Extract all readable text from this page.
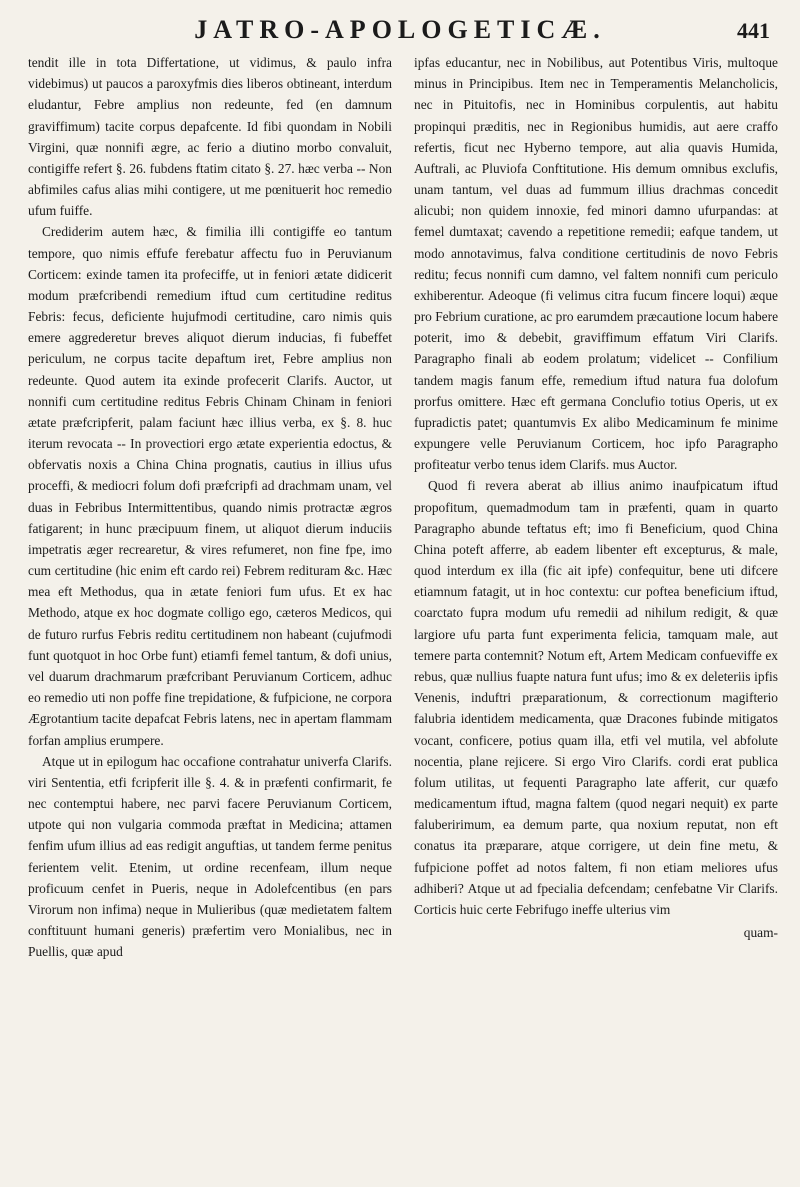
JATRO-APOLOGETICÆ.	441

tendit ille in tota Differtatione, ut vidimus, & paulo infra videbimus) ut paucos a paroxyfmis dies liberos obtineant, interdum eludantur, Febre amplius non redeunte, fed (en damnum graviffimum) tacite corpus depafcente. Id fibi quondam in Nobili Virgini, quæ nonnifi ægre, ac ferio a diutino morbo convaluit, contigiffe refert §. 26. fubdens ftatim citato §. 27. hæc verba -- Non abfimiles cafus alias mihi contigere, ut me pœnituerit hoc remedio ufum fuiffe.

Crediderim autem hæc, & fimilia illi contigiffe eo tantum tempore, quo nimis effufe ferebatur affectu fuo in Peruvianum Corticem: exinde tamen ita profeciffe, ut in feniori ætate didicerit modum præfcribendi remedium iftud cum certitudine reditus Febris: fecus, deficiente hujufmodi certitudine, caro nimis quis emere aggrederetur breves aliquot dierum inducias, fi fubeffet periculum, ne corpus tacite depaftum iret, Febre amplius non redeunte. Quod autem ita exinde profecerit Clarifs. Auctor, ut nonnifi cum certitudine reditus Febris Chinam Chinam in feniori ætate præfcripferit, palam faciunt hæc illius verba, ex §. 8. huc iterum revocata -- In provectiori ergo ætate experientia edoctus, & obfervatis noxis a China China prognatis, cautius in illius ufus proceffi, & mediocri folum dofi præfcripfi ad drachmam unam, vel duas in Febribus Intermittentibus, quando nimis protractæ ægros fatigarent; in hunc præcipuum finem, ut aliquot dierum induciis impetratis æger recrearetur, & vires refumeret, non fine fpe, imo cum certitudine (hic enim eft cardo rei) Febrem redituram &c. Hæc mea eft Methodus, qua in ætate feniori fum ufus. Et ex hac Methodo, atque ex hoc dogmate colligo ego, cæteros Medicos, qui de futuro rurfus Febris reditu certitudinem non habeant (cujufmodi funt quotquot in hoc Orbe funt) etiamfi femel tantum, & dofi unius, vel duarum drachmarum præfcribant Peruvianum Corticem, adhuc eo remedio uti non poffe fine trepidatione, & fufpicione, ne corpora Ægrotantium tacite depafcat Febris latens, nec in apertam flammam forfan amplius erumpere.

Atque ut in epilogum hac occafione contrahatur univerfa Clarifs. viri Sententia, etfi fcripferit ille §. 4. & in præfenti confirmarit, fe nec contemptui habere, nec parvi facere Peruvianum Corticem, utpote qui non vulgaria commoda præftat in Medicina; attamen fenfim ufum illius ad eas redigit anguftias, ut tandem ferme penitus ferientem velit. Etenim, ut ordine recenfeam, illum neque proficuum cenfet in Pueris, neque in Adolefcentibus (en pars Virorum non infima) neque in Mulieribus (quæ medietatem faltem conftituunt humani generis) præfertim vero Monialibus, nec in Puellis, quæ apud

ipfas educantur, nec in Nobilibus, aut Potentibus Viris, multoque minus in Principibus. Item nec in Temperamentis Melancholicis, nec in Pituitofis, nec in Hominibus corpulentis, aut habitu propinqui præditis, nec in Regionibus humidis, aut aere craffo refertis, ficut nec Hyberno tempore, aut alia quavis Humida, Auftrali, ac Pluviofa Conftitutione. His demum omnibus exclufis, unam tantum, vel duas ad fummum illius drachmas concedit alicubi; non quidem innoxie, fed minori damno ufurpandas: at femel dumtaxat; cavendo a repetitione remedii; eafque tandem, ut modo annotavimus, falva conditione certitudinis de novo Febris reditu; fecus nonnifi cum damno, vel faltem nonnifi cum periculo exhiberentur. Adeoque (fi velimus citra fucum fincere loqui) æque pro Febrium curatione, ac pro earumdem præcautione locum habere poterit, imo & debebit, graviffimum effatum Viri Clarifs. Paragrapho finali ab eodem prolatum; videlicet -- Confilium tandem magis fanum effe, remedium iftud natura fua dolofum prorfus omittere. Hæc eft germana Conclufio totius Operis, ut ex fupradictis patet; quantumvis Ex alibo Medicaminum fe minime expungere velle Peruvianum Corticem, hoc ipfo Paragrapho profiteatur verbo tenus idem Clarifs. mus Auctor.

Quod fi revera aberat ab illius animo inaufpicatum iftud propofitum, quemadmodum tam in præfenti, quam in quarto Paragrapho abunde teftatus eft; imo fi Beneficium, quod China China poteft afferre, ab eadem libenter eft excepturus, & male, quod interdum ex illa (fic ait ipfe) confequitur, bene uti difcere etiamnum fatagit, ut in hoc contextu: cur poftea beneficium iftud, coarctato fupra modum ufu remedii ad nihilum redigit, & quæ largiore ufu parta funt experimenta felicia, tamquam male, aut temere parta contemnit? Notum eft, Artem Medicam confueviffe ex rebus, quæ nullius fuapte natura funt ufus; imo & ex deleteriis ipfis Venenis, induftri præparationum, & correctionum magifterio falubria identidem medicamenta, quæ Dracones fubinde mitigatos vocant, conficere, potius quam illa, etfi vel mutila, vel abfolute nocentia, plane rejicere. Si ergo Viro Clarifs. cordi erat publica folum utilitas, ut fequenti Paragrapho late afferit, cur quæfo medicamentum iftud, magna faltem (quod negari nequit) ex parte faluberirimum, ea demum parte, qua noxium reputat, non eft conatus ita præparare, atque corrigere, ut dein fine metu, & fufpicione poffet ad notos faltem, fi non etiam meliores ufus adhiberi? Atque ut ad fpecialia defcendam; cenfebatne Vir Clarifs. Corticis huic certe Febrifugo ineffe ulterius vim

quam-
